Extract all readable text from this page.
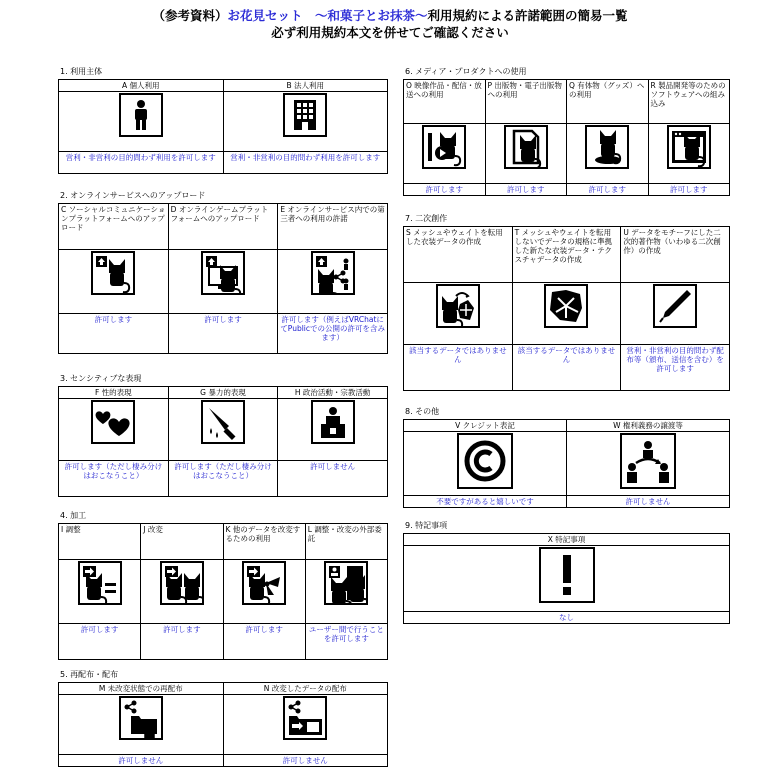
（参考資料）お花見セット　～和菓子とお抹茶～利用規約による許諾範囲の簡易一覧
必ず利用規約本文を併せてご確認ください
1. 利用主体
A 個人利用	B 法人利用

営利・非営利の目的問わず利用を許可します	営利・非営利の目的問わず利用を許可します
2. オンラインサービスへのアップロード
C ソーシャルコミュニケーションプラットフォームへのアップロード	D オンラインゲームプラットフォームへのアップロード	E オンラインサービス内での第三者への利用の許諾

許可します	許可します	許可します（例えばVRChatにてPublicでの公開の許可を含みます）
3. センシティブな表現
F 性的表現	G 暴力的表現	H 政治活動・宗教活動

許可します（ただし棲み分けはおこなうこと）	許可します（ただし棲み分けはおこなうこと）	許可しません
4. 加工
I 調整	J 改変	K 他のデータを改変するための利用	L 調整・改変の外部委託

許可します	許可します	許可します	ユーザー間で行うことを許可します
5. 再配布・配布
M 未改変状態での再配布	N 改変したデータの配布

許可しません	許可しません
6. メディア・プロダクトへの使用
O 映像作品・配信・放送への利用	P 出版物・電子出版物への利用	Q 有体物（グッズ）への利用	R 製品開発等のためのソフトウェアへの組み込み

許可します	許可します	許可します	許可します
7. 二次創作
S メッシュやウェイトを転用した衣装データの作成	T メッシュやウェイトを転用しないでデータの規格に準拠した新たな衣装データ・テクスチャデータの作成	U データをモチーフにした二次的著作物（いわゆる二次創作）の作成

該当するデータではありません	該当するデータではありません	営利・非営利の目的問わず配布等（頒布、送信を含む）を許可します
8. その他
V クレジット表記	W 権利義務の譲渡等

不要ですがあると嬉しいです	許可しません
9. 特記事項
X 特記事項

なし
